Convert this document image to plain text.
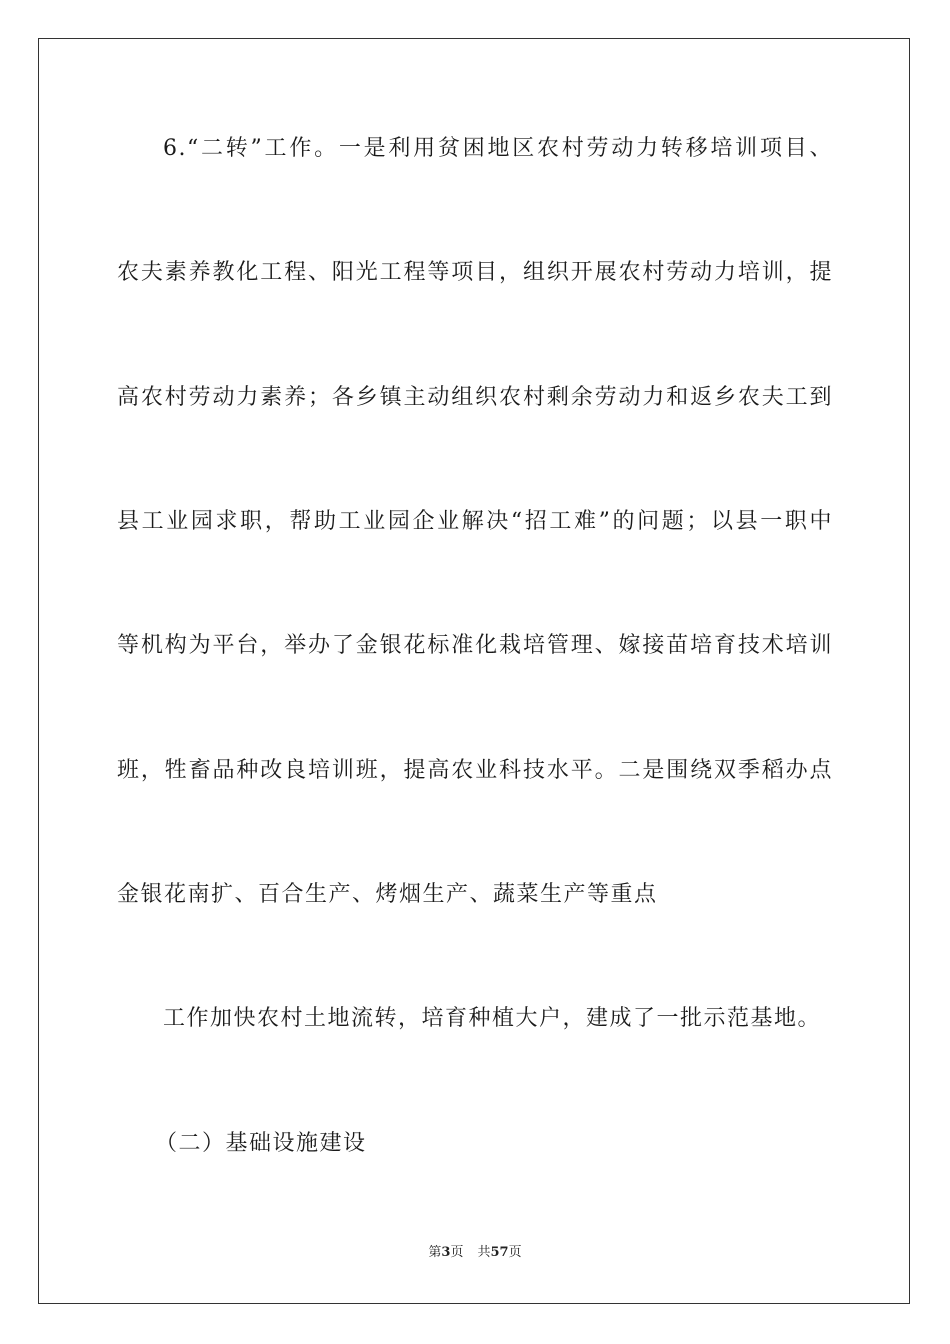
6.“二转”工作。一是利用贫困地区农村劳动力转移培训项目、
农夫素养教化工程、阳光工程等项目，组织开展农村劳动力培训，提
高农村劳动力素养；各乡镇主动组织农村剩余劳动力和返乡农夫工到
县工业园求职，帮助工业园企业解决“招工难”的问题；以县一职中
等机构为平台，举办了金银花标准化栽培管理、嫁接苗培育技术培训
班，牲畜品种改良培训班，提高农业科技水平。二是围绕双季稻办点
金银花南扩、百合生产、烤烟生产、蔬菜生产等重点
工作加快农村土地流转，培育种植大户，建成了一批示范基地。
（二）基础设施建设
第3页 共57页
